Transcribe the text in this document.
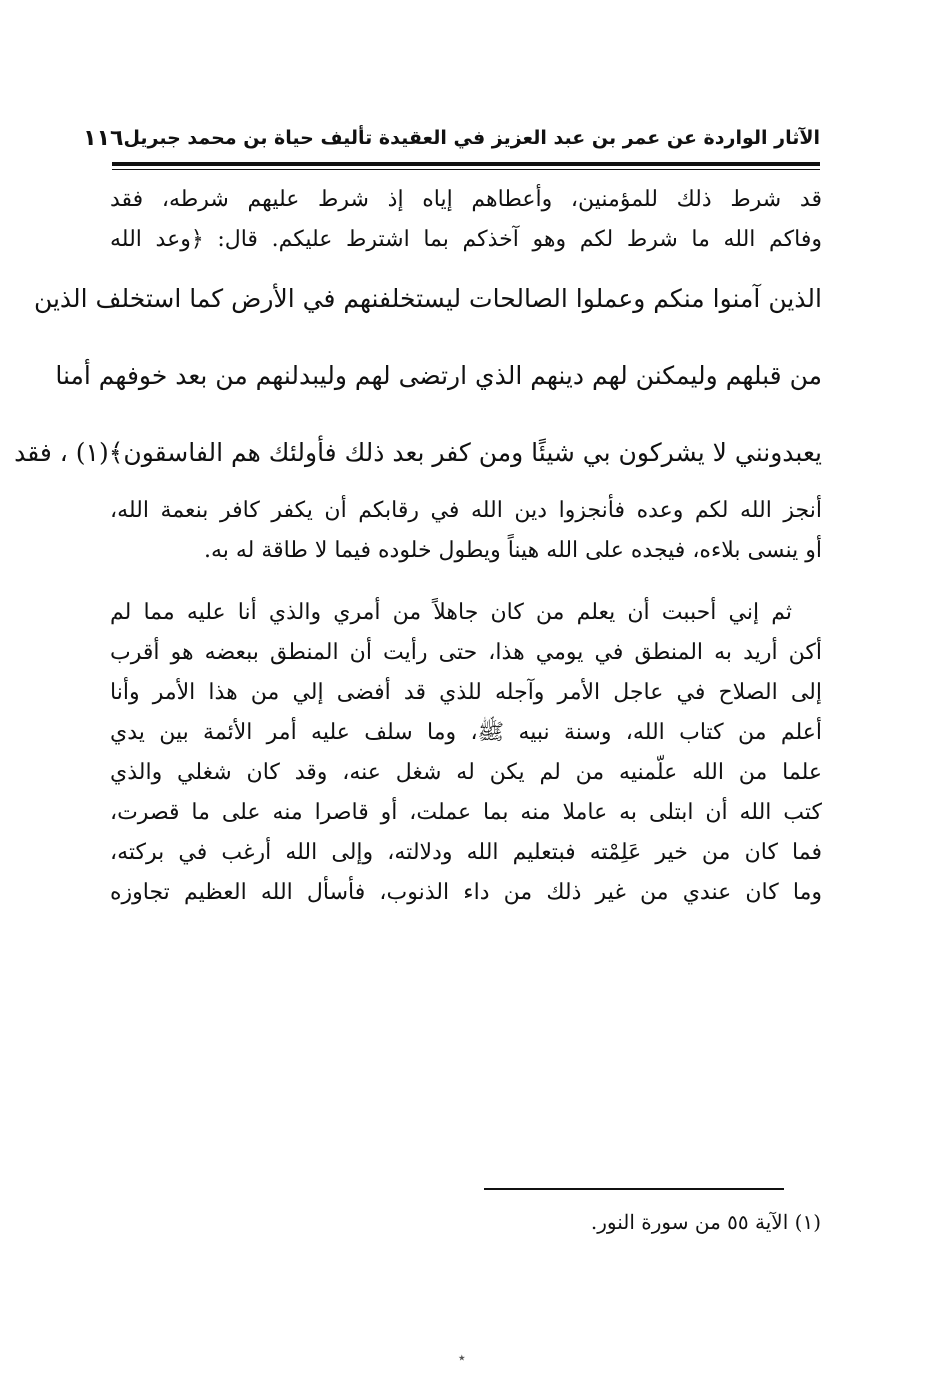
الآثار الواردة عن عمر بن عبد العزيز في العقيدة تأليف حياة بن محمد جبريل
١١٦
قد شرط ذلك للمؤمنين، وأعطاهم إياه إذ شرط عليهم شرطه، فقد
وفاكم الله ما شرط لكم وهو آخذكم بما اشترط عليكم. قال: ﴿وعد الله
الذين آمنوا منكم وعملوا الصالحات ليستخلفنهم في الأرض كما استخلف الذين
من قبلهم وليمكنن لهم دينهم الذي ارتضى لهم وليبدلنهم من بعد خوفهم أمنا
يعبدونني لا يشركون بي شيئًا ومن كفر بعد ذلك فأولئك هم الفاسقون﴾(١) ، فقد
أنجز الله لكم وعده فأنجزوا دين الله في رقابكم أن يكفر كافر بنعمة الله،
أو ينسى بلاءه، فيجده على الله هيناً ويطول خلوده فيما لا طاقة له به.
ثم إني أحببت أن يعلم من كان جاهلاً من أمري والذي أنا عليه مما لم
أكن أريد به المنطق في يومي هذا، حتى رأيت أن المنطق ببعضه هو أقرب
إلى الصلاح في عاجل الأمر وآجله للذي قد أفضى إلي من هذا الأمر وأنا
أعلم من كتاب الله، وسنة نبيه ﷺ، وما سلف عليه أمر الأئمة بين يدي
علما من الله علّمنيه من لم يكن له شغل عنه، وقد كان شغلي والذي
كتب الله أن ابتلى به عاملا منه بما عملت، أو قاصرا منه على ما قصرت،
فما كان من خير عَلِمْته فبتعليم الله ودلالته، وإلى الله أرغب في بركته،
وما كان عندي من غير ذلك من داء الذنوب، فأسأل الله العظيم تجاوزه
(١) الآية ٥٥ من سورة النور.
٭
